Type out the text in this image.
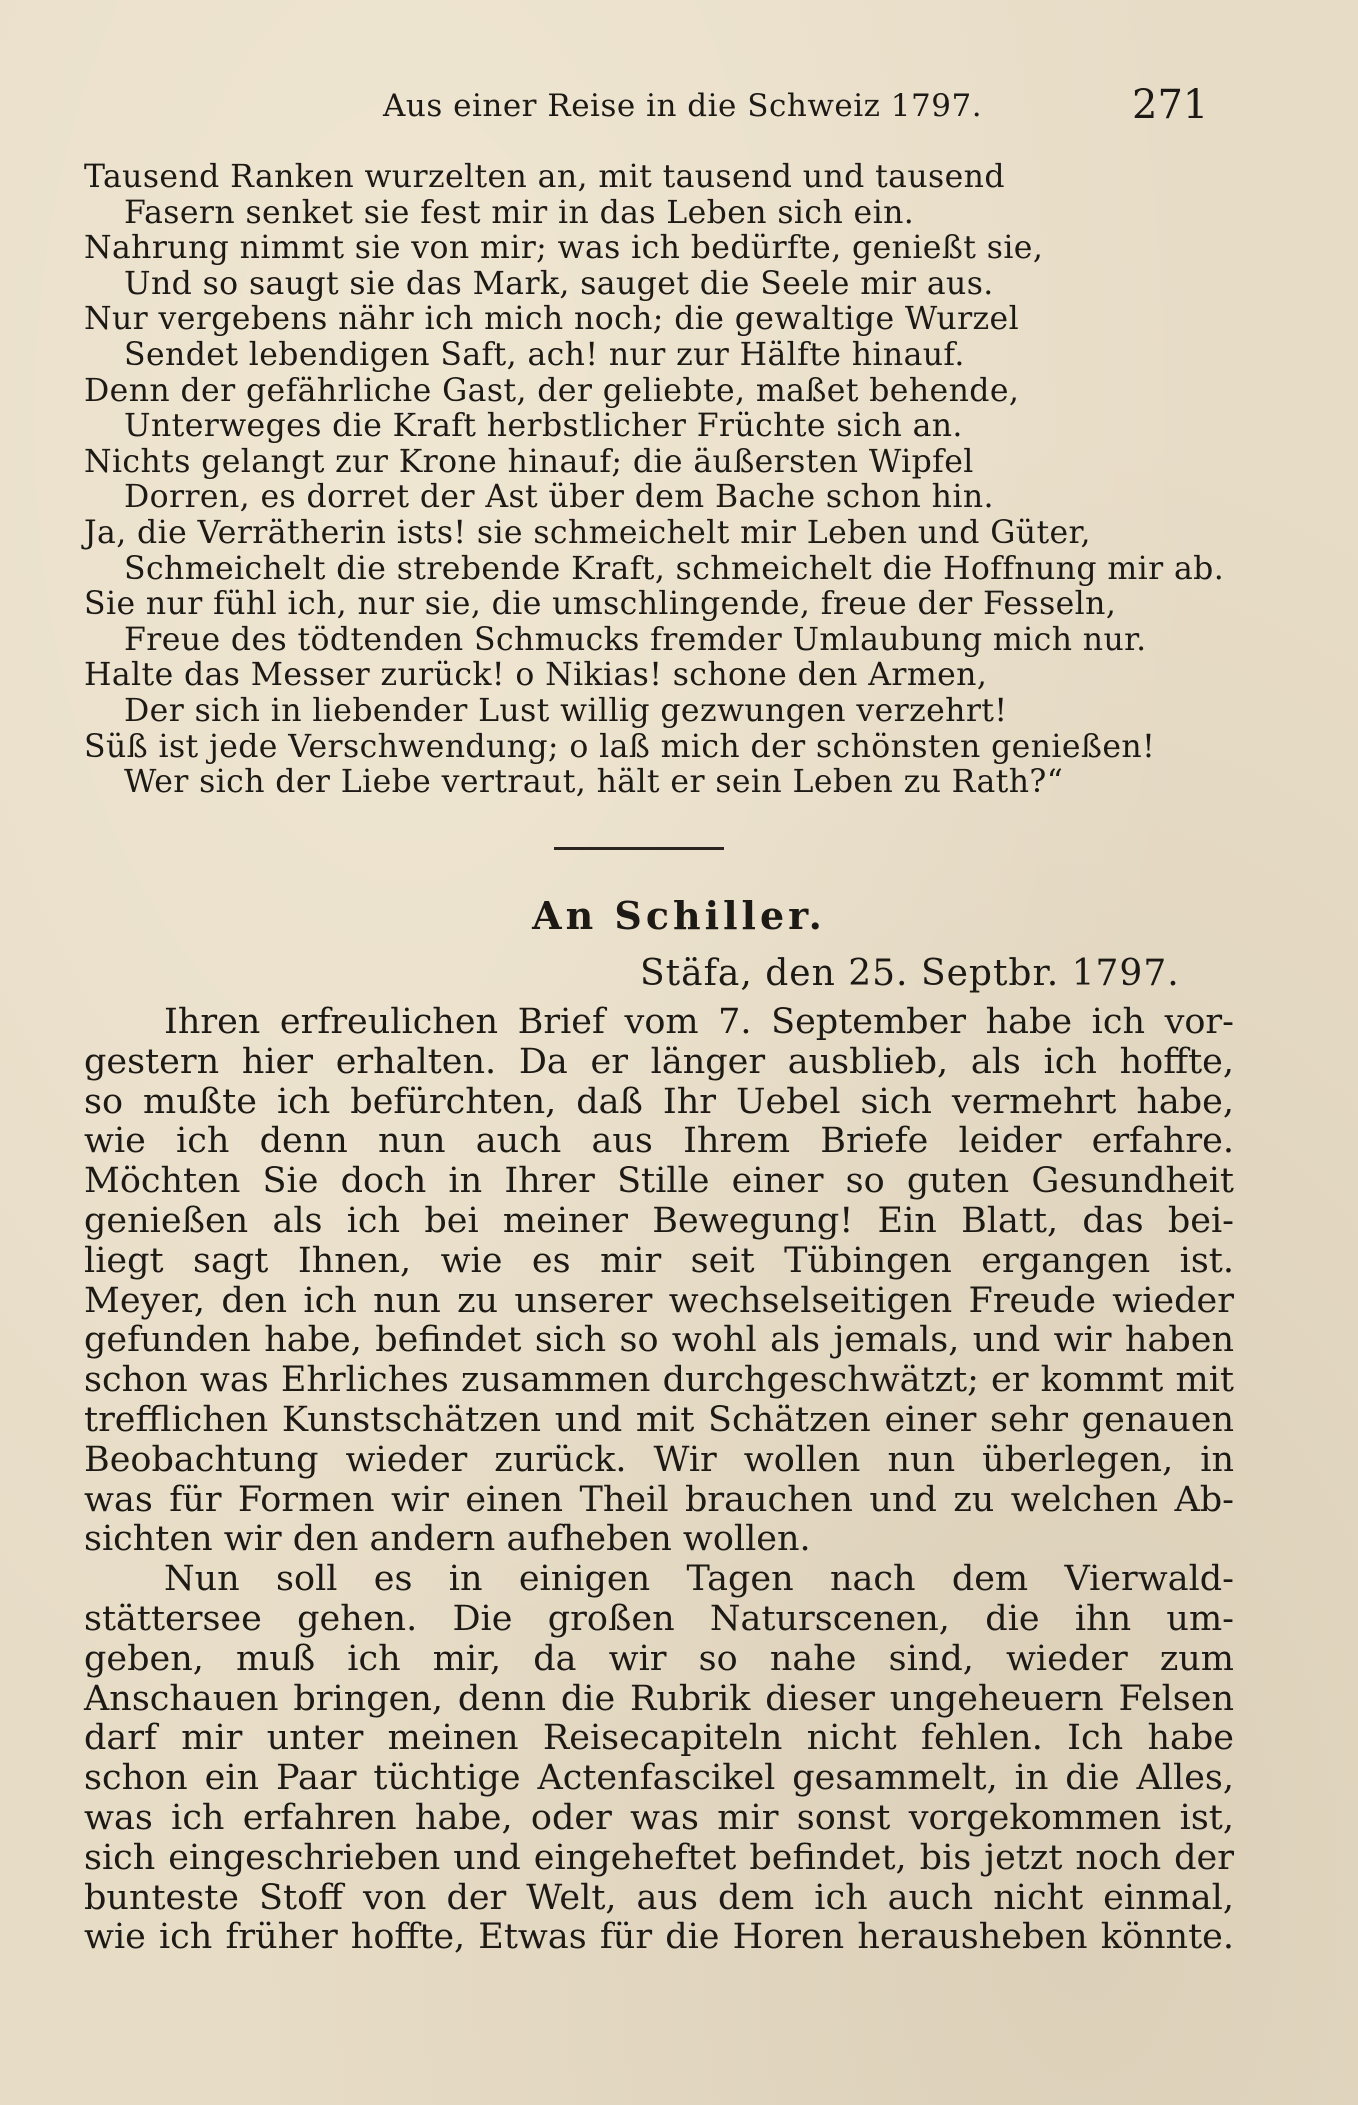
Aus einer Reise in die Schweiz 1797.	271
Tausend Ranken wurzelten an, mit tausend und tausend
Fasern senket sie fest mir in das Leben sich ein.
Nahrung nimmt sie von mir; was ich bedürfte, genießt sie,
Und so saugt sie das Mark, sauget die Seele mir aus.
Nur vergebens nähr ich mich noch; die gewaltige Wurzel
Sendet lebendigen Saft, ach! nur zur Hälfte hinauf.
Denn der gefährliche Gast, der geliebte, maßet behende,
Unterweges die Kraft herbstlicher Früchte sich an.
Nichts gelangt zur Krone hinauf; die äußersten Wipfel
Dorren, es dorret der Ast über dem Bache schon hin.
Ja, die Verrätherin ists! sie schmeichelt mir Leben und Güter,
Schmeichelt die strebende Kraft, schmeichelt die Hoffnung mir ab.
Sie nur fühl ich, nur sie, die umschlingende, freue der Fesseln,
Freue des tödtenden Schmucks fremder Umlaubung mich nur.
Halte das Messer zurück! o Nikias! schone den Armen,
Der sich in liebender Lust willig gezwungen verzehrt!
Süß ist jede Verschwendung; o laß mich der schönsten genießen!
Wer sich der Liebe vertraut, hält er sein Leben zu Rath?“
An Schiller.
Stäfa, den 25. Septbr. 1797.
Ihren erfreulichen Brief vom 7. September habe ich vor-
gestern hier erhalten. Da er länger ausblieb, als ich hoffte,
so mußte ich befürchten, daß Ihr Uebel sich vermehrt habe,
wie ich denn nun auch aus Ihrem Briefe leider erfahre.
Möchten Sie doch in Ihrer Stille einer so guten Gesundheit
genießen als ich bei meiner Bewegung! Ein Blatt, das bei-
liegt sagt Ihnen, wie es mir seit Tübingen ergangen ist.
Meyer, den ich nun zu unserer wechselseitigen Freude wieder
gefunden habe, befindet sich so wohl als jemals, und wir haben
schon was Ehrliches zusammen durchgeschwätzt; er kommt mit
trefflichen Kunstschätzen und mit Schätzen einer sehr genauen
Beobachtung wieder zurück. Wir wollen nun überlegen, in
was für Formen wir einen Theil brauchen und zu welchen Ab-
sichten wir den andern aufheben wollen.
Nun soll es in einigen Tagen nach dem Vierwald-
stättersee gehen. Die großen Naturscenen, die ihn um-
geben, muß ich mir, da wir so nahe sind, wieder zum
Anschauen bringen, denn die Rubrik dieser ungeheuern Felsen
darf mir unter meinen Reisecapiteln nicht fehlen. Ich habe
schon ein Paar tüchtige Actenfascikel gesammelt, in die Alles,
was ich erfahren habe, oder was mir sonst vorgekommen ist,
sich eingeschrieben und eingeheftet befindet, bis jetzt noch der
bunteste Stoff von der Welt, aus dem ich auch nicht einmal,
wie ich früher hoffte, Etwas für die Horen herausheben könnte.
